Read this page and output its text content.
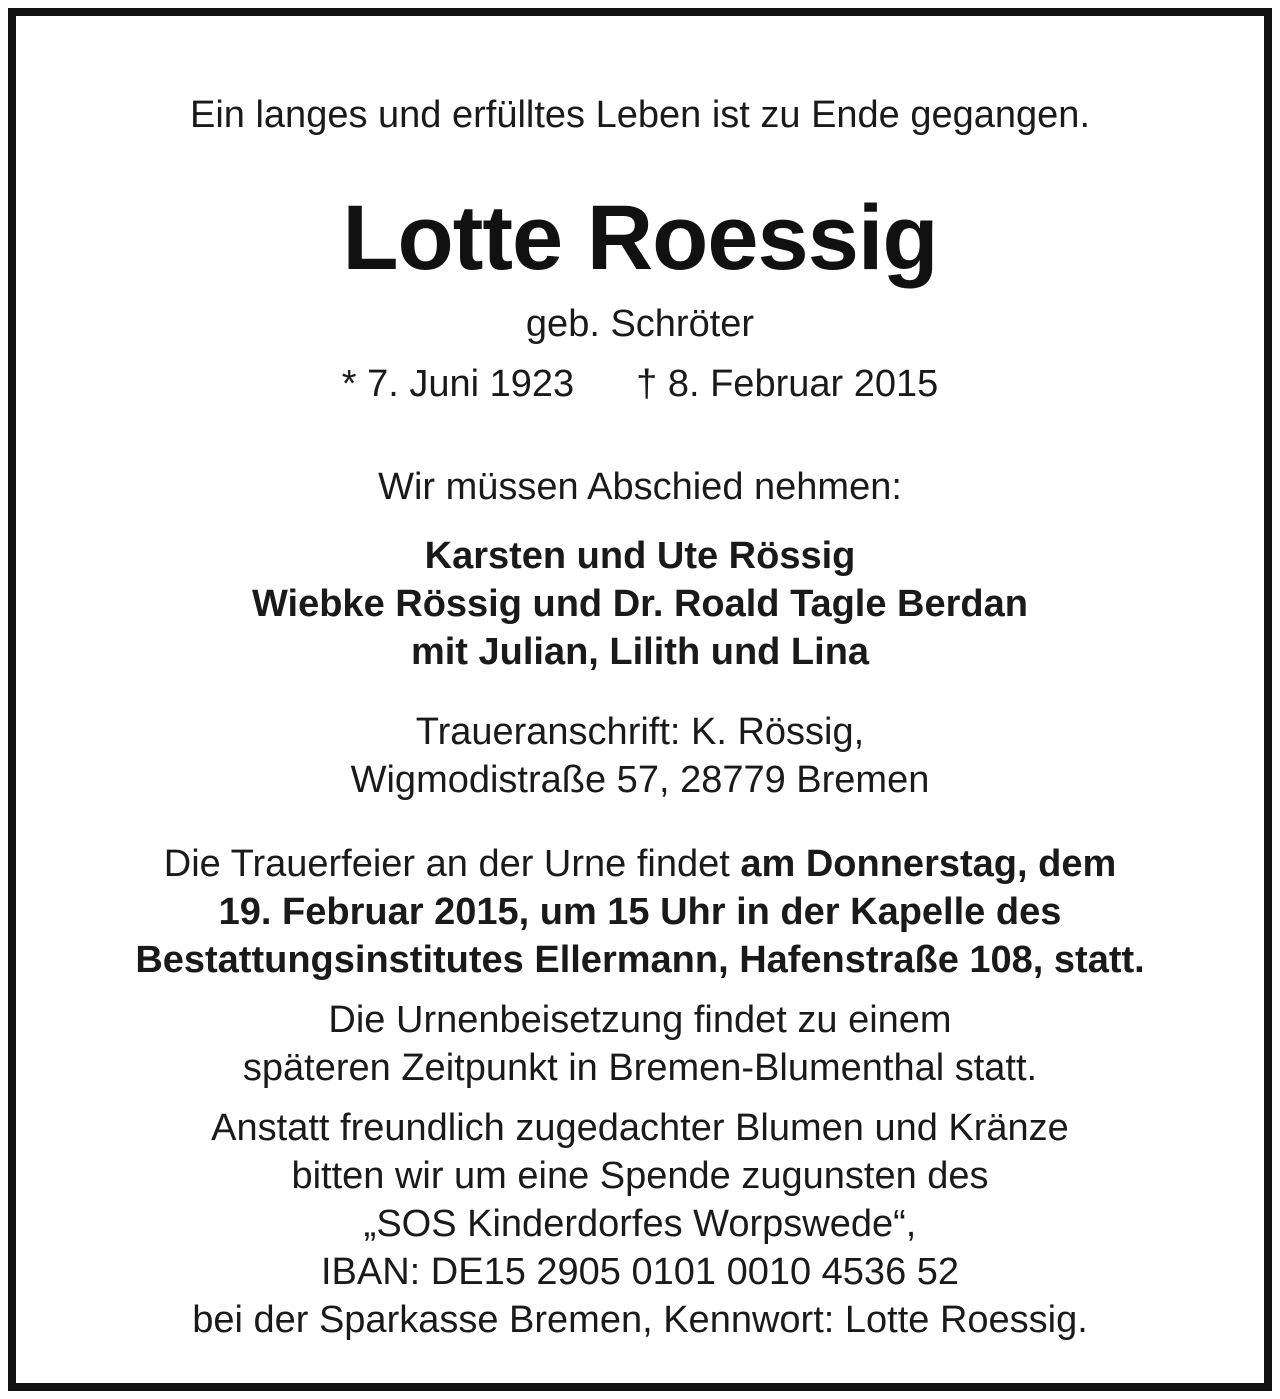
Ein langes und erfülltes Leben ist zu Ende gegangen.
Lotte Roessig
geb. Schröter
* 7. Juni 1923 † 8. Februar 2015
Wir müssen Abschied nehmen:
Karsten und Ute Rössig
Wiebke Rössig und Dr. Roald Tagle Berdan
mit Julian, Lilith und Lina
Traueranschrift: K. Rössig,
Wigmodistraße 57, 28779 Bremen
Die Trauerfeier an der Urne findet am Donnerstag, dem
19. Februar 2015, um 15 Uhr in der Kapelle des
Bestattungsinstitutes Ellermann, Hafenstraße 108, statt.
Die Urnenbeisetzung findet zu einem
späteren Zeitpunkt in Bremen-Blumenthal statt.
Anstatt freundlich zugedachter Blumen und Kränze
bitten wir um eine Spende zugunsten des
„SOS Kinderdorfes Worpswede“,
IBAN: DE15 2905 0101 0010 4536 52
bei der Sparkasse Bremen, Kennwort: Lotte Roessig.
